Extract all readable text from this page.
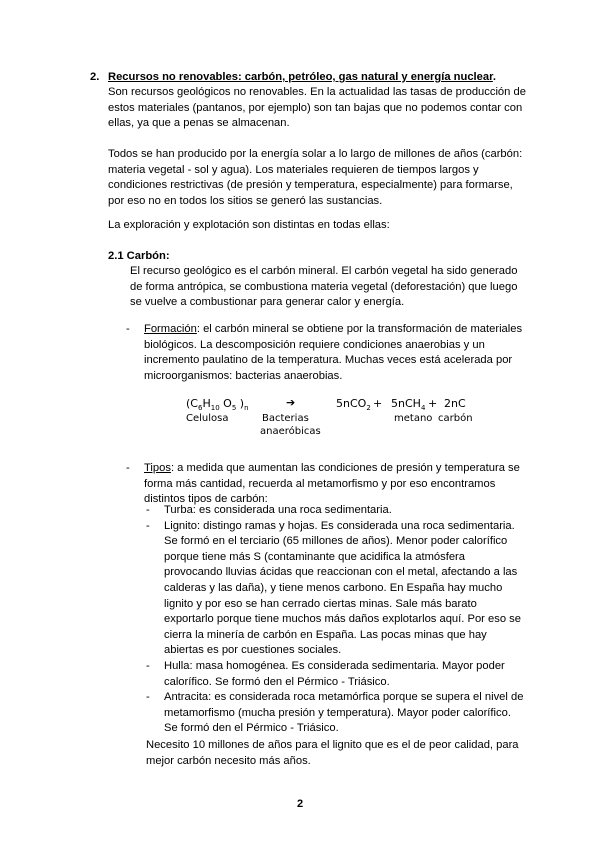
2. Recursos no renovables: carbón, petróleo, gas natural y energía nuclear.

Son recursos geológicos no renovables. En la actualidad las tasas de producción de estos materiales (pantanos, por ejemplo) son tan bajas que no podemos contar con ellas, ya que a penas se almacenan.

Todos se han producido por la energía solar a lo largo de millones de años (carbón: materia vegetal - sol y agua). Los materiales requieren de tiempos largos y condiciones restrictivas (de presión y temperatura, especialmente) para formarse, por eso no en todos los sitios se generó las sustancias.

La exploración y explotación son distintas en todas ellas:

2.1 Carbón:

El recurso geológico es el carbón mineral. El carbón vegetal ha sido generado de forma antrópica, se combustiona materia vegetal (deforestación) que luego se vuelve a combustionar para generar calor y energía.

- Formación: el carbón mineral se obtiene por la transformación de materiales biológicos. La descomposición requiere condiciones anaerobias y un incremento paulatino de la temperatura. Muchas veces está acelerada por microorganismos: bacterias anaerobias.

($C_6H_{10}$ $O_5$ )$_n$
Celulosa
➔
Bacterias
anaeróbicas
5nCO$_2$ + 5nCH$_4$ + 2nC
metano carbón
- Tipos: a medida que aumentan las condiciones de presión y temperatura se forma más cantidad, recuerda al metamorfismo y por eso encontramos distintos tipos de carbón:

- Turba: es considerada una roca sedimentaria.
- Lignito: distingo ramas y hojas. Es considerada una roca sedimentaria. Se formó en el terciario (65 millones de años). Menor poder calorífico porque tiene más S (contaminante que acidifica la atmósfera provocando lluvias ácidas que reaccionan con el metal, afectando a las calderas y las daña), y tiene menos carbono. En España hay mucho lignito y por eso se han cerrado ciertas minas. Sale más barato exportarlo porque tiene muchos más daños explotarlos aquí. Por eso se cierra la minería de carbón en España. Las pocas minas que hay abiertas es por cuestiones sociales.
- Hulla: masa homogénea. Es considerada sedimentaria. Mayor poder calorífico. Se formó den el Pérmico - Triásico.
- Antracita: es considerada roca metamórfica porque se supera el nivel de metamorfismo (mucha presión y temperatura). Mayor poder calorífico. Se formó den el Pérmico - Triásico.

Necesito 10 millones de años para el lignito que es el de peor calidad, para mejor carbón necesito más años.

2
